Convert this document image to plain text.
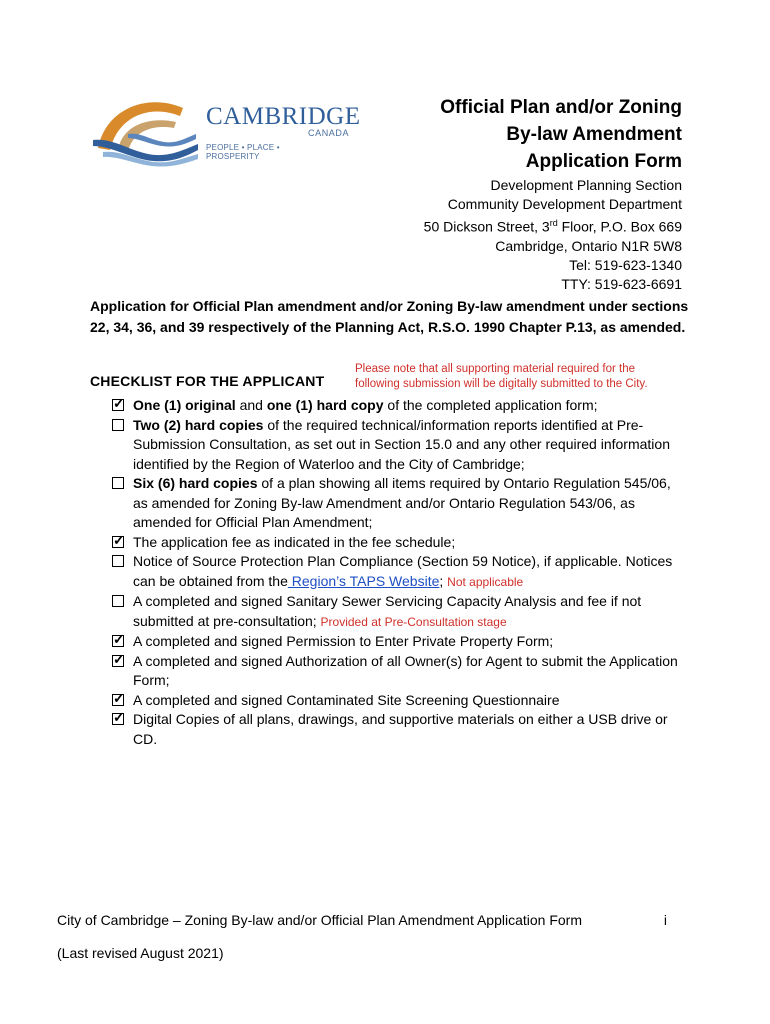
CAMBRIDGE
CANADA
PEOPLE • PLACE • PROSPERITY
Official Plan and/or Zoning
By-law Amendment
Application Form
Development Planning Section
Community Development Department
50 Dickson Street, 3rd Floor, P.O. Box 669
Cambridge, Ontario N1R 5W8
Tel: 519-623-1340
TTY: 519-623-6691
Application for Official Plan amendment and/or Zoning By-law amendment under sections 22, 34, 36, and 39 respectively of the Planning Act, R.S.O. 1990 Chapter P.13, as amended.
Please note that all supporting material required for the
following submission will be digitally submitted to the City.
CHECKLIST FOR THE APPLICANT
✓
One (1) original and one (1) hard copy of the completed application form;
Two (2) hard copies of the required technical/information reports identified at Pre-Submission Consultation, as set out in Section 15.0 and any other required information identified by the Region of Waterloo and the City of Cambridge;
Six (6) hard copies of a plan showing all items required by Ontario Regulation 545/06, as amended for Zoning By-law Amendment and/or Ontario Regulation 543/06, as amended for Official Plan Amendment;
✓
The application fee as indicated in the fee schedule;
Notice of Source Protection Plan Compliance (Section 59 Notice), if applicable. Notices can be obtained from the Region’s TAPS Website; Not applicable
A completed and signed Sanitary Sewer Servicing Capacity Analysis and fee if not submitted at pre-consultation; Provided at Pre-Consultation stage
✓
A completed and signed Permission to Enter Private Property Form;
✓
A completed and signed Authorization of all Owner(s) for Agent to submit the Application Form;
✓
A completed and signed Contaminated Site Screening Questionnaire
✓
Digital Copies of all plans, drawings, and supportive materials on either a USB drive or CD.
City of Cambridge – Zoning By-law and/or Official Plan Amendment Application Form	i
(Last revised August 2021)
